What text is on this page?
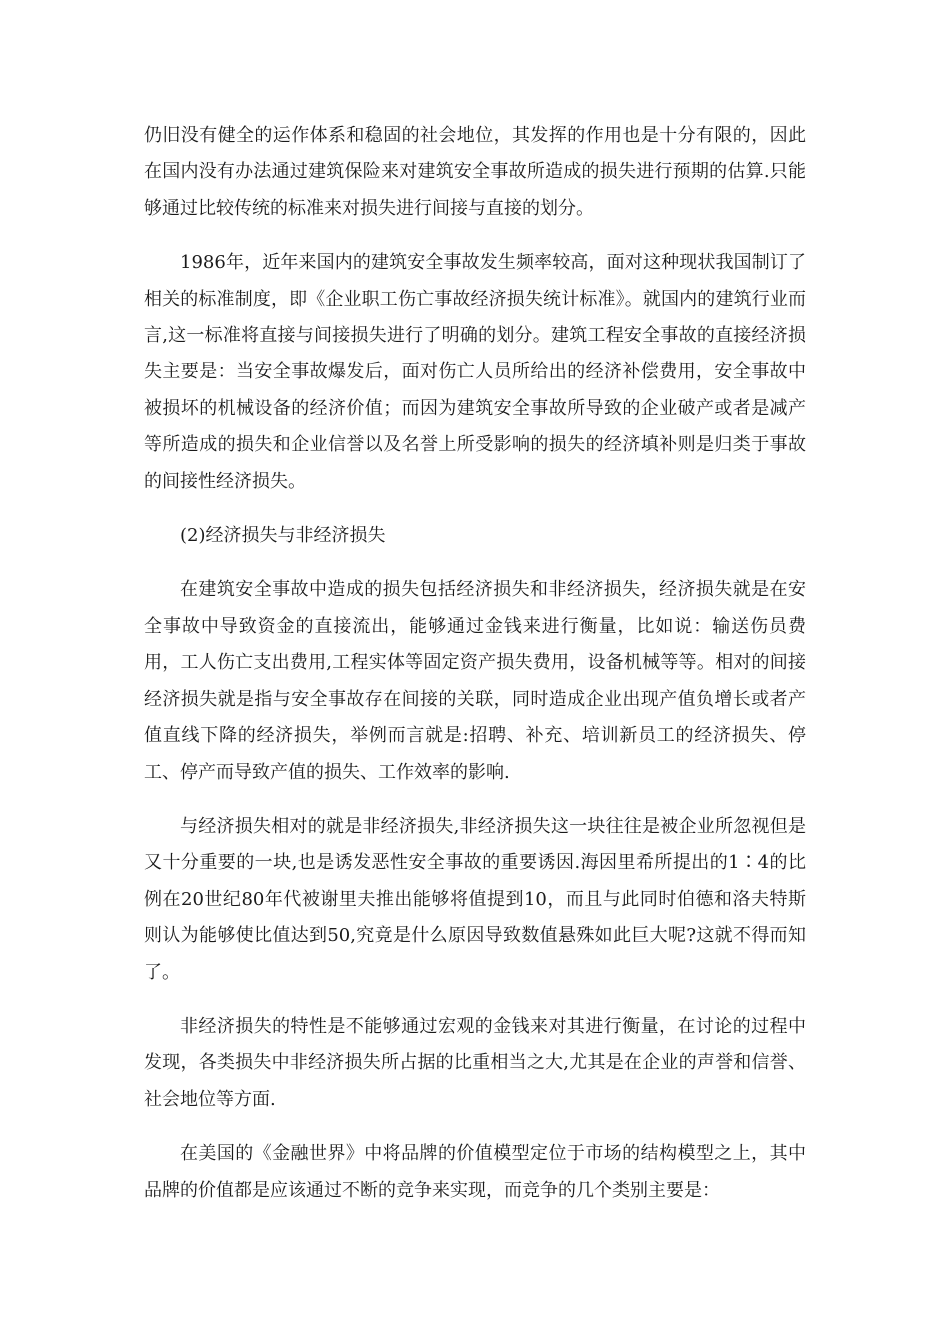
仍旧没有健全的运作体系和稳固的社会地位，其发挥的作用也是十分有限的，因此在国内没有办法通过建筑保险来对建筑安全事故所造成的损失进行预期的估算.只能够通过比较传统的标准来对损失进行间接与直接的划分。

1986年，近年来国内的建筑安全事故发生频率较高，面对这种现状我国制订了相关的标准制度，即《企业职工伤亡事故经济损失统计标准》。就国内的建筑行业而言,这一标准将直接与间接损失进行了明确的划分。建筑工程安全事故的直接经济损失主要是：当安全事故爆发后，面对伤亡人员所给出的经济补偿费用，安全事故中被损坏的机械设备的经济价值；而因为建筑安全事故所导致的企业破产或者是减产等所造成的损失和企业信誉以及名誉上所受影响的损失的经济填补则是归类于事故的间接性经济损失。

(2)经济损失与非经济损失

在建筑安全事故中造成的损失包括经济损失和非经济损失，经济损失就是在安全事故中导致资金的直接流出，能够通过金钱来进行衡量，比如说：输送伤员费用，工人伤亡支出费用,工程实体等固定资产损失费用，设备机械等等。相对的间接经济损失就是指与安全事故存在间接的关联，同时造成企业出现产值负增长或者产值直线下降的经济损失，举例而言就是:招聘、补充、培训新员工的经济损失、停工、停产而导致产值的损失、工作效率的影响.

与经济损失相对的就是非经济损失,非经济损失这一块往往是被企业所忽视但是又十分重要的一块,也是诱发恶性安全事故的重要诱因.海因里希所提出的1∶4的比例在20世纪80年代被谢里夫推出能够将值提到10，而且与此同时伯德和洛夫特斯则认为能够使比值达到50,究竟是什么原因导致数值悬殊如此巨大呢?这就不得而知了。

非经济损失的特性是不能够通过宏观的金钱来对其进行衡量，在讨论的过程中发现，各类损失中非经济损失所占据的比重相当之大,尤其是在企业的声誉和信誉、社会地位等方面.

在美国的《金融世界》中将品牌的价值模型定位于市场的结构模型之上，其中品牌的价值都是应该通过不断的竞争来实现，而竞争的几个类别主要是：
